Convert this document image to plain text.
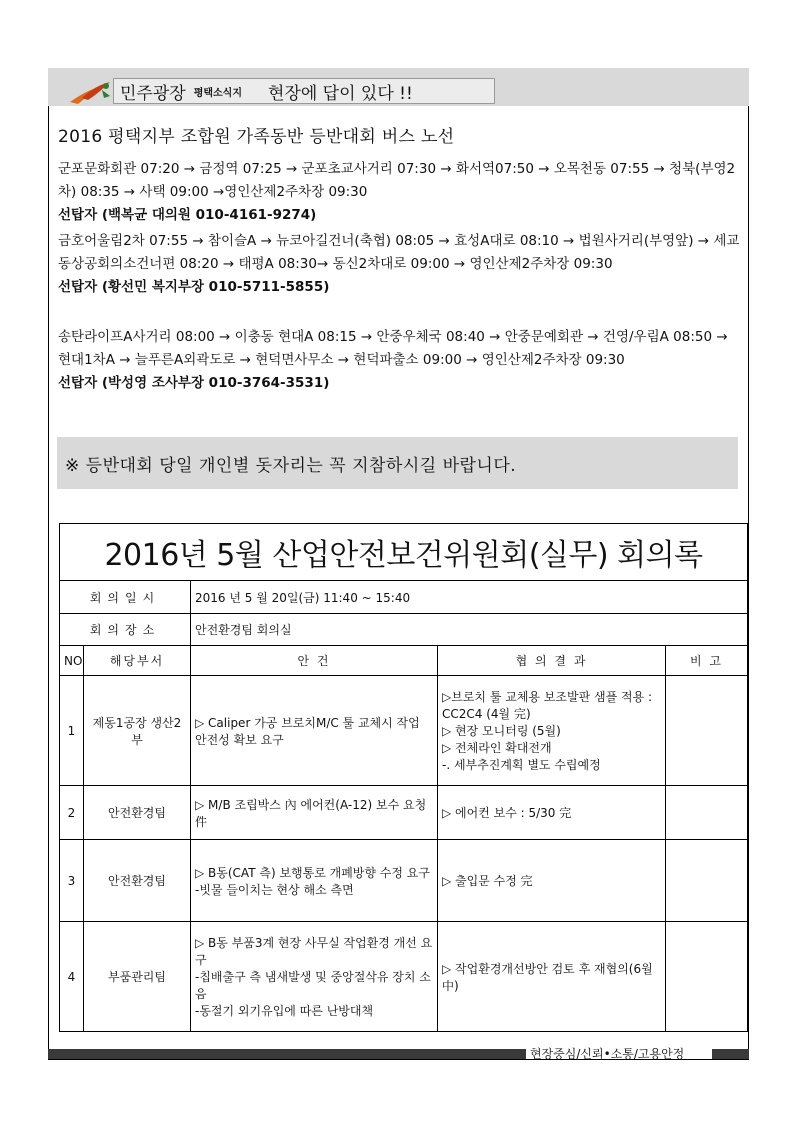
민주광장 평택소식지 현장에 답이 있다 !!
2016 평택지부 조합원 가족동반 등반대회 버스 노선

군포문화회관 07:20 → 금정역 07:25 → 군포초교사거리 07:30 → 화서역07:50 → 오목천동 07:55 → 청북(부영2차) 08:35 → 사택 09:00 →영인산제2주차장 09:30

선탑자 (백복균 대의원 010-4161-9274)

금호어울림2차 07:55 → 참이슬A → 뉴코아길건너(축협) 08:05 → 효성A대로 08:10 → 법원사거리(부영앞) → 세교동상공회의소건너편 08:20 → 태평A 08:30→ 동신2차대로 09:00 → 영인산제2주차장 09:30

선탑자 (황선민 복지부장 010-5711-5855)

송탄라이프A사거리 08:00 → 이충동 현대A 08:15 → 안중우체국 08:40 → 안중문예회관 → 건영/우림A 08:50 → 현대1차A → 늘푸른A외곽도로 → 현덕면사무소 → 현덕파출소 09:00 → 영인산제2주차장 09:30

선탑자 (박성영 조사부장 010-3764-3531)

※ 등반대회 당일 개인별 돗자리는 꼭 지참하시길 바랍니다.
2016년 5월 산업안전보건위원회(실무) 회의록				
회의일시		2016 년 5 월 20일(금) 11:40 ~ 15:40		
회의장소		안전환경팀 회의실		
NO	해당부서	안 건	협 의 결 과	비 고
1	제동1공장 생산2부	▷ Caliper 가공 브로치M/C 툴 교체시 작업 안전성 확보 요구	▷브로치 툴 교체용 보조발판 샘플 적용 : CC2C4 (4월 完)
▷ 현장 모니터링 (5월)
▷ 전체라인 확대전개
-. 세부추진계획 별도 수립예정	

2	안전환경팀	▷ M/B 조립박스 內 에어컨(A-12) 보수 요청 件	▷ 에어컨 보수 : 5/30 完	

3	안전환경팀	▷ B동(CAT 측) 보행통로 개폐방향 수정 요구
-빗물 들이치는 현상 해소 측면	▷ 출입문 수정 完	

4	부품관리팀	▷ B동 부품3계 현장 사무실 작업환경 개선 요구
-칩배출구 측 냄새발생 및 중앙절삭유 장치 소음
-동절기 외기유입에 따른 난방대책	▷ 작업환경개선방안 검토 후 재협의(6월 中)	

현장중심/신뢰•소통/고용안정
